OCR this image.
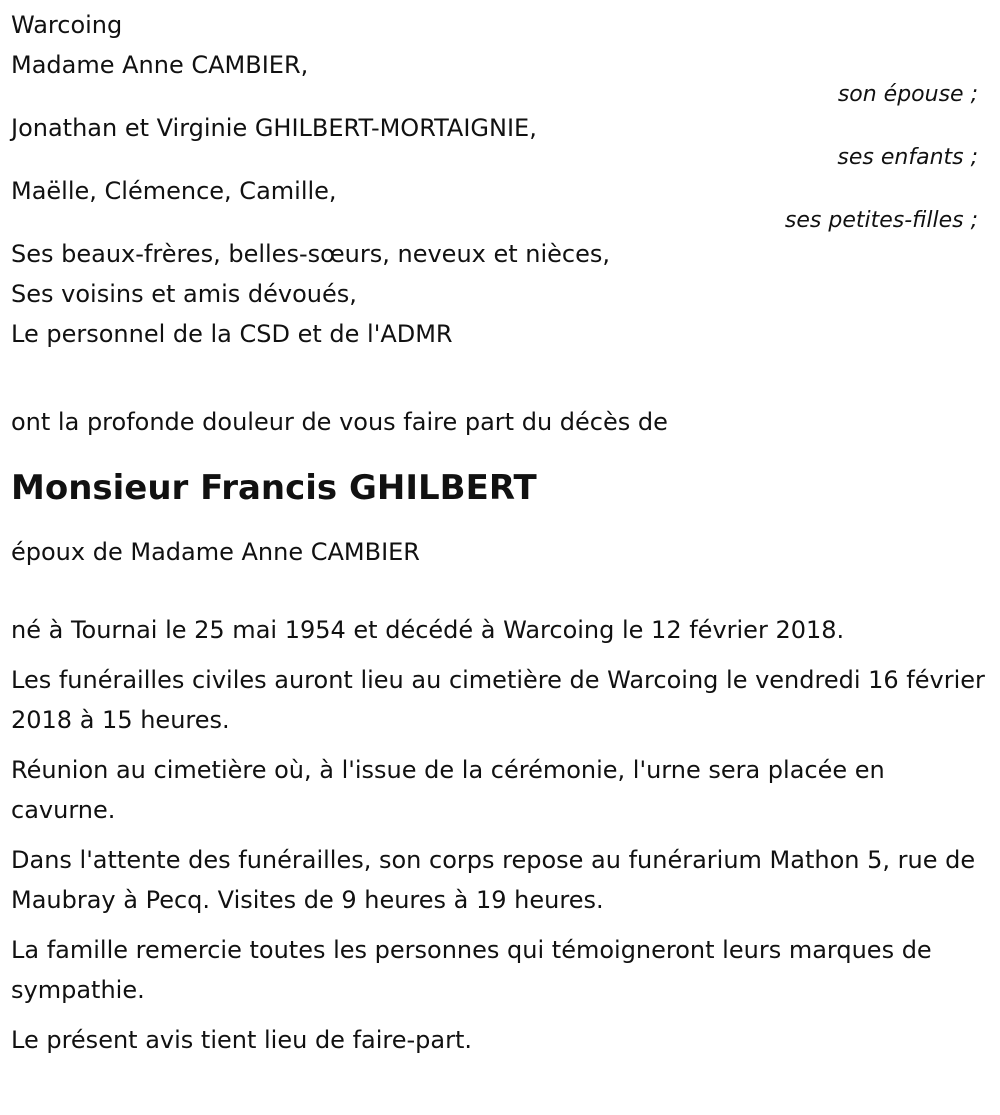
Warcoing

Madame Anne CAMBIER,

son épouse ;

Jonathan et Virginie GHILBERT-MORTAIGNIE,

ses enfants ;

Maëlle, Clémence, Camille,

ses petites-filles ;

Ses beaux-frères, belles-sœurs, neveux et nièces,

Ses voisins et amis dévoués,

Le personnel de la CSD et de l'ADMR

ont la profonde douleur de vous faire part du décès de

Monsieur Francis GHILBERT

époux de Madame Anne CAMBIER

né à Tournai le 25 mai 1954 et décédé à Warcoing le 12 février 2018.

Les funérailles civiles auront lieu au cimetière de Warcoing le vendredi 16 février 2018 à 15 heures.

Réunion au cimetière où, à l'issue de la cérémonie, l'urne sera placée en cavurne.

Dans l'attente des funérailles, son corps repose au funérarium Mathon 5, rue de Maubray à Pecq. Visites de 9 heures à 19 heures.

La famille remercie toutes les personnes qui témoigneront leurs marques de sympathie.

Le présent avis tient lieu de faire-part.
